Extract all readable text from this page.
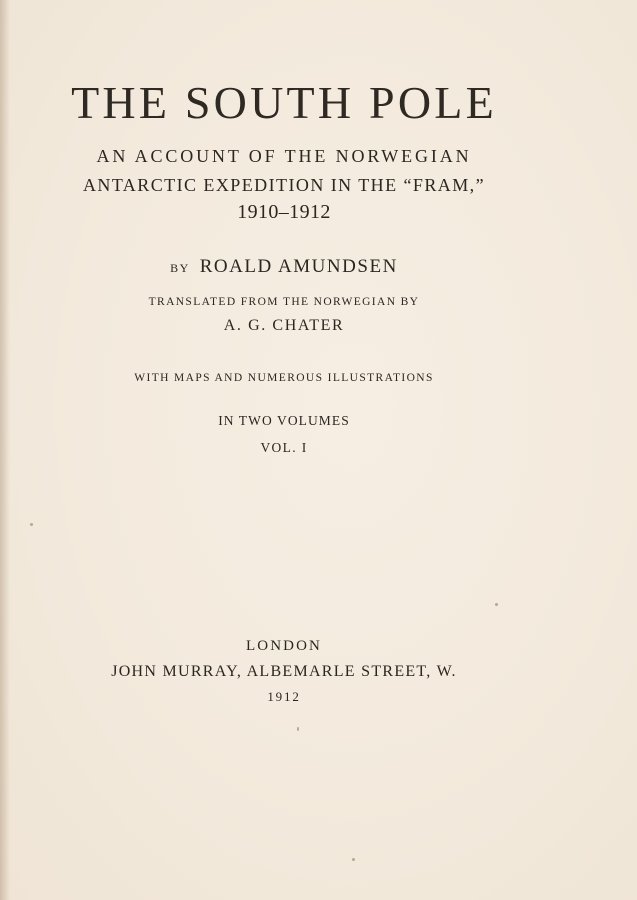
THE SOUTH POLE
AN ACCOUNT OF THE NORWEGIAN
ANTARCTIC EXPEDITION IN THE “FRAM,”
1910–1912
BY ROALD AMUNDSEN
TRANSLATED FROM THE NORWEGIAN BY
A. G. CHATER
WITH MAPS AND NUMEROUS ILLUSTRATIONS
IN TWO VOLUMES
VOL. I
LONDON
JOHN MURRAY, ALBEMARLE STREET, W.
1912
